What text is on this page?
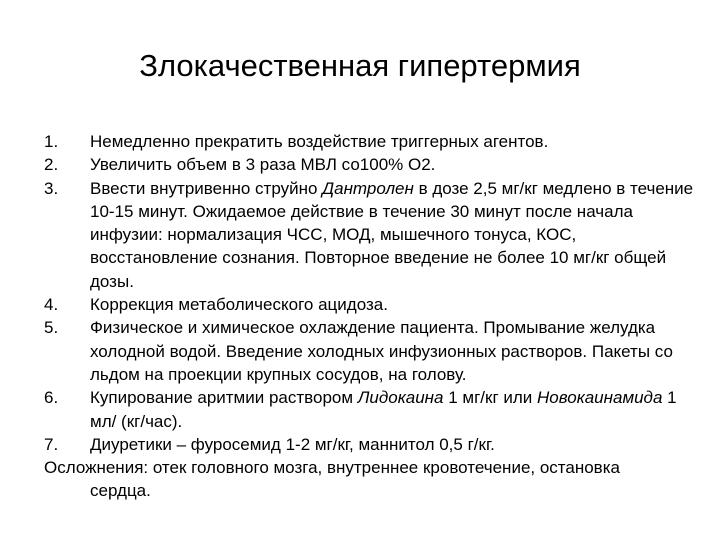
Злокачественная гипертермия
1. Немедленно прекратить воздействие триггерных агентов.
2. Увеличить объем в 3 раза МВЛ со100% О2.
3. Ввести внутривенно струйно Дантролен в дозе 2,5 мг/кг медлено в течение 10-15 минут. Ожидаемое действие в течение 30 минут после начала инфузии: нормализация ЧСС, МОД, мышечного тонуса, КОС, восстановление сознания. Повторное введение не более 10 мг/кг общей дозы.
4. Коррекция метаболического ацидоза.
5. Физическое и химическое охлаждение пациента. Промывание желудка холодной водой. Введение холодных инфузионных растворов. Пакеты со льдом на проекции крупных сосудов, на голову.
6. Купирование аритмии раствором Лидокаина 1 мг/кг или Новокаинамида 1 мл/ (кг/час).
7. Диуретики – фуросемид 1-2 мг/кг, маннитол 0,5 г/кг.
Осложнения: отек головного мозга, внутреннее кровотечение, остановка
сердца.
